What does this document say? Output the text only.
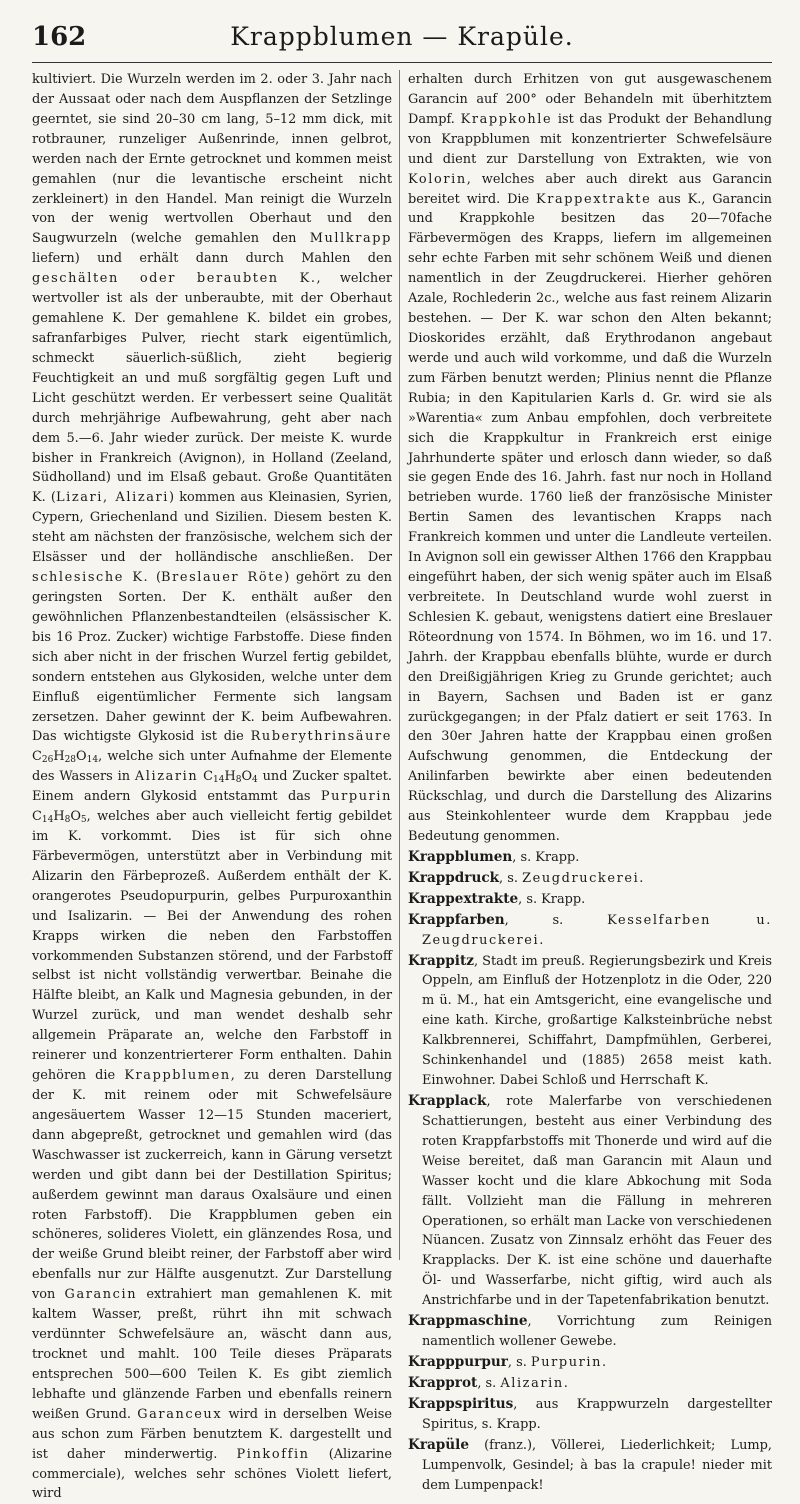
162	Krappblumen — Krapüle.

kultiviert. Die Wurzeln werden im 2. oder 3. Jahr nach der Aussaat oder nach dem Auspflanzen der Setzlinge geerntet, sie sind 20–30 cm lang, 5–12 mm dick, mit rotbrauner, runzeliger Außenrinde, innen gelbrot, werden nach der Ernte getrocknet und kommen meist gemahlen (nur die levantische erscheint nicht zerkleinert) in den Handel. Man reinigt die Wurzeln von der wenig wertvollen Oberhaut und den Saugwurzeln (welche gemahlen den Mullkrapp liefern) und erhält dann durch Mahlen den geschälten oder beraubten K., welcher wertvoller ist als der unberaubte, mit der Oberhaut gemahlene K. Der gemahlene K. bildet ein grobes, safranfarbiges Pulver, riecht stark eigentümlich, schmeckt säuerlich-süßlich, zieht begierig Feuchtigkeit an und muß sorgfältig gegen Luft und Licht geschützt werden. Er verbessert seine Qualität durch mehrjährige Aufbewahrung, geht aber nach dem 5.—6. Jahr wieder zurück. Der meiste K. wurde bisher in Frankreich (Avignon), in Holland (Zeeland, Südholland) und im Elsaß gebaut. Große Quantitäten K. (Lizari, Alizari) kommen aus Kleinasien, Syrien, Cypern, Griechenland und Sizilien. Diesem besten K. steht am nächsten der französische, welchem sich der Elsässer und der holländische anschließen. Der schlesische K. (Breslauer Röte) gehört zu den geringsten Sorten. Der K. enthält außer den gewöhnlichen Pflanzenbestandteilen (elsässischer K. bis 16 Proz. Zucker) wichtige Farbstoffe. Diese finden sich aber nicht in der frischen Wurzel fertig gebildet, sondern entstehen aus Glykosiden, welche unter dem Einfluß eigentümlicher Fermente sich langsam zersetzen. Daher gewinnt der K. beim Aufbewahren. Das wichtigste Glykosid ist die Ruberythrinsäure $C_{26}H_{28}O_{14}$, welche sich unter Aufnahme der Elemente des Wassers in Alizarin $C_{14}H_8O_4$ und Zucker spaltet. Einem andern Glykosid entstammt das Purpurin $C_{14}H_8O_5$, welches aber auch vielleicht fertig gebildet im K. vorkommt. Dies ist für sich ohne Färbevermögen, unterstützt aber in Verbindung mit Alizarin den Färbeprozeß. Außerdem enthält der K. orangerotes Pseudopurpurin, gelbes Purpuroxanthin und Isalizarin. — Bei der Anwendung des rohen Krapps wirken die neben den Farbstoffen vorkommenden Substanzen störend, und der Farbstoff selbst ist nicht vollständig verwertbar. Beinahe die Hälfte bleibt, an Kalk und Magnesia gebunden, in der Wurzel zurück, und man wendet deshalb sehr allgemein Präparate an, welche den Farbstoff in reinerer und konzentrierterer Form enthalten. Dahin gehören die Krappblumen, zu deren Darstellung der K. mit reinem oder mit Schwefelsäure angesäuertem Wasser 12—15 Stunden maceriert, dann abgepreßt, getrocknet und gemahlen wird (das Waschwasser ist zuckerreich, kann in Gärung versetzt werden und gibt dann bei der Destillation Spiritus; außerdem gewinnt man daraus Oxalsäure und einen roten Farbstoff). Die Krappblumen geben ein schöneres, solideres Violett, ein glänzendes Rosa, und der weiße Grund bleibt reiner, der Farbstoff aber wird ebenfalls nur zur Hälfte ausgenutzt. Zur Darstellung von Garancin extrahiert man gemahlenen K. mit kaltem Wasser, preßt, rührt ihn mit schwach verdünnter Schwefelsäure an, wäscht dann aus, trocknet und mahlt. 100 Teile dieses Präparats entsprechen 500—600 Teilen K. Es gibt ziemlich lebhafte und glänzende Farben und ebenfalls reinern weißen Grund. Garanceux wird in derselben Weise aus schon zum Färben benutztem K. dargestellt und ist daher minderwertig. Pinkoffin (Alizarine commerciale), welches sehr schönes Violett liefert, wird

erhalten durch Erhitzen von gut ausgewaschenem Garancin auf 200° oder Behandeln mit überhitztem Dampf. Krappkohle ist das Produkt der Behandlung von Krappblumen mit konzentrierter Schwefelsäure und dient zur Darstellung von Extrakten, wie von Kolorin, welches aber auch direkt aus Garancin bereitet wird. Die Krappextrakte aus K., Garancin und Krappkohle besitzen das 20—70fache Färbevermögen des Krapps, liefern im allgemeinen sehr echte Farben mit sehr schönem Weiß und dienen namentlich in der Zeugdruckerei. Hierher gehören Azale, Rochlederin 2c., welche aus fast reinem Alizarin bestehen. — Der K. war schon den Alten bekannt; Dioskorides erzählt, daß Erythrodanon angebaut werde und auch wild vorkomme, und daß die Wurzeln zum Färben benutzt werden; Plinius nennt die Pflanze Rubia; in den Kapitularien Karls d. Gr. wird sie als »Warentia« zum Anbau empfohlen, doch verbreitete sich die Krappkultur in Frankreich erst einige Jahrhunderte später und erlosch dann wieder, so daß sie gegen Ende des 16. Jahrh. fast nur noch in Holland betrieben wurde. 1760 ließ der französische Minister Bertin Samen des levantischen Krapps nach Frankreich kommen und unter die Landleute verteilen. In Avignon soll ein gewisser Althen 1766 den Krappbau eingeführt haben, der sich wenig später auch im Elsaß verbreitete. In Deutschland wurde wohl zuerst in Schlesien K. gebaut, wenigstens datiert eine Breslauer Röteordnung von 1574. In Böhmen, wo im 16. und 17. Jahrh. der Krappbau ebenfalls blühte, wurde er durch den Dreißigjährigen Krieg zu Grunde gerichtet; auch in Bayern, Sachsen und Baden ist er ganz zurückgegangen; in der Pfalz datiert er seit 1763. In den 30er Jahren hatte der Krappbau einen großen Aufschwung genommen, die Entdeckung der Anilinfarben bewirkte aber einen bedeutenden Rückschlag, und durch die Darstellung des Alizarins aus Steinkohlenteer wurde dem Krappbau jede Bedeutung genommen.

Krappblumen, s. Krapp.

Krappdruck, s. Zeugdruckerei.

Krappextrakte, s. Krapp.

Krappfarben, s. Kesselfarben u. Zeugdruckerei.

Krappitz, Stadt im preuß. Regierungsbezirk und Kreis Oppeln, am Einfluß der Hotzenplotz in die Oder, 220 m ü. M., hat ein Amtsgericht, eine evangelische und eine kath. Kirche, großartige Kalksteinbrüche nebst Kalkbrennerei, Schiffahrt, Dampfmühlen, Gerberei, Schinkenhandel und (1885) 2658 meist kath. Einwohner. Dabei Schloß und Herrschaft K.

Krapplack, rote Malerfarbe von verschiedenen Schattierungen, besteht aus einer Verbindung des roten Krappfarbstoffs mit Thonerde und wird auf die Weise bereitet, daß man Garancin mit Alaun und Wasser kocht und die klare Abkochung mit Soda fällt. Vollzieht man die Fällung in mehreren Operationen, so erhält man Lacke von verschiedenen Nüancen. Zusatz von Zinnsalz erhöht das Feuer des Krapplacks. Der K. ist eine schöne und dauerhafte Öl- und Wasserfarbe, nicht giftig, wird auch als Anstrichfarbe und in der Tapetenfabrikation benutzt.

Krappmaschine, Vorrichtung zum Reinigen namentlich wollener Gewebe.

Krapppurpur, s. Purpurin.

Krapprot, s. Alizarin.

Krappspiritus, aus Krappwurzeln dargestellter Spiritus, s. Krapp.

Krapüle (franz.), Völlerei, Liederlichkeit; Lump, Lumpenvolk, Gesindel; à bas la crapule! nieder mit dem Lumpenpack!
